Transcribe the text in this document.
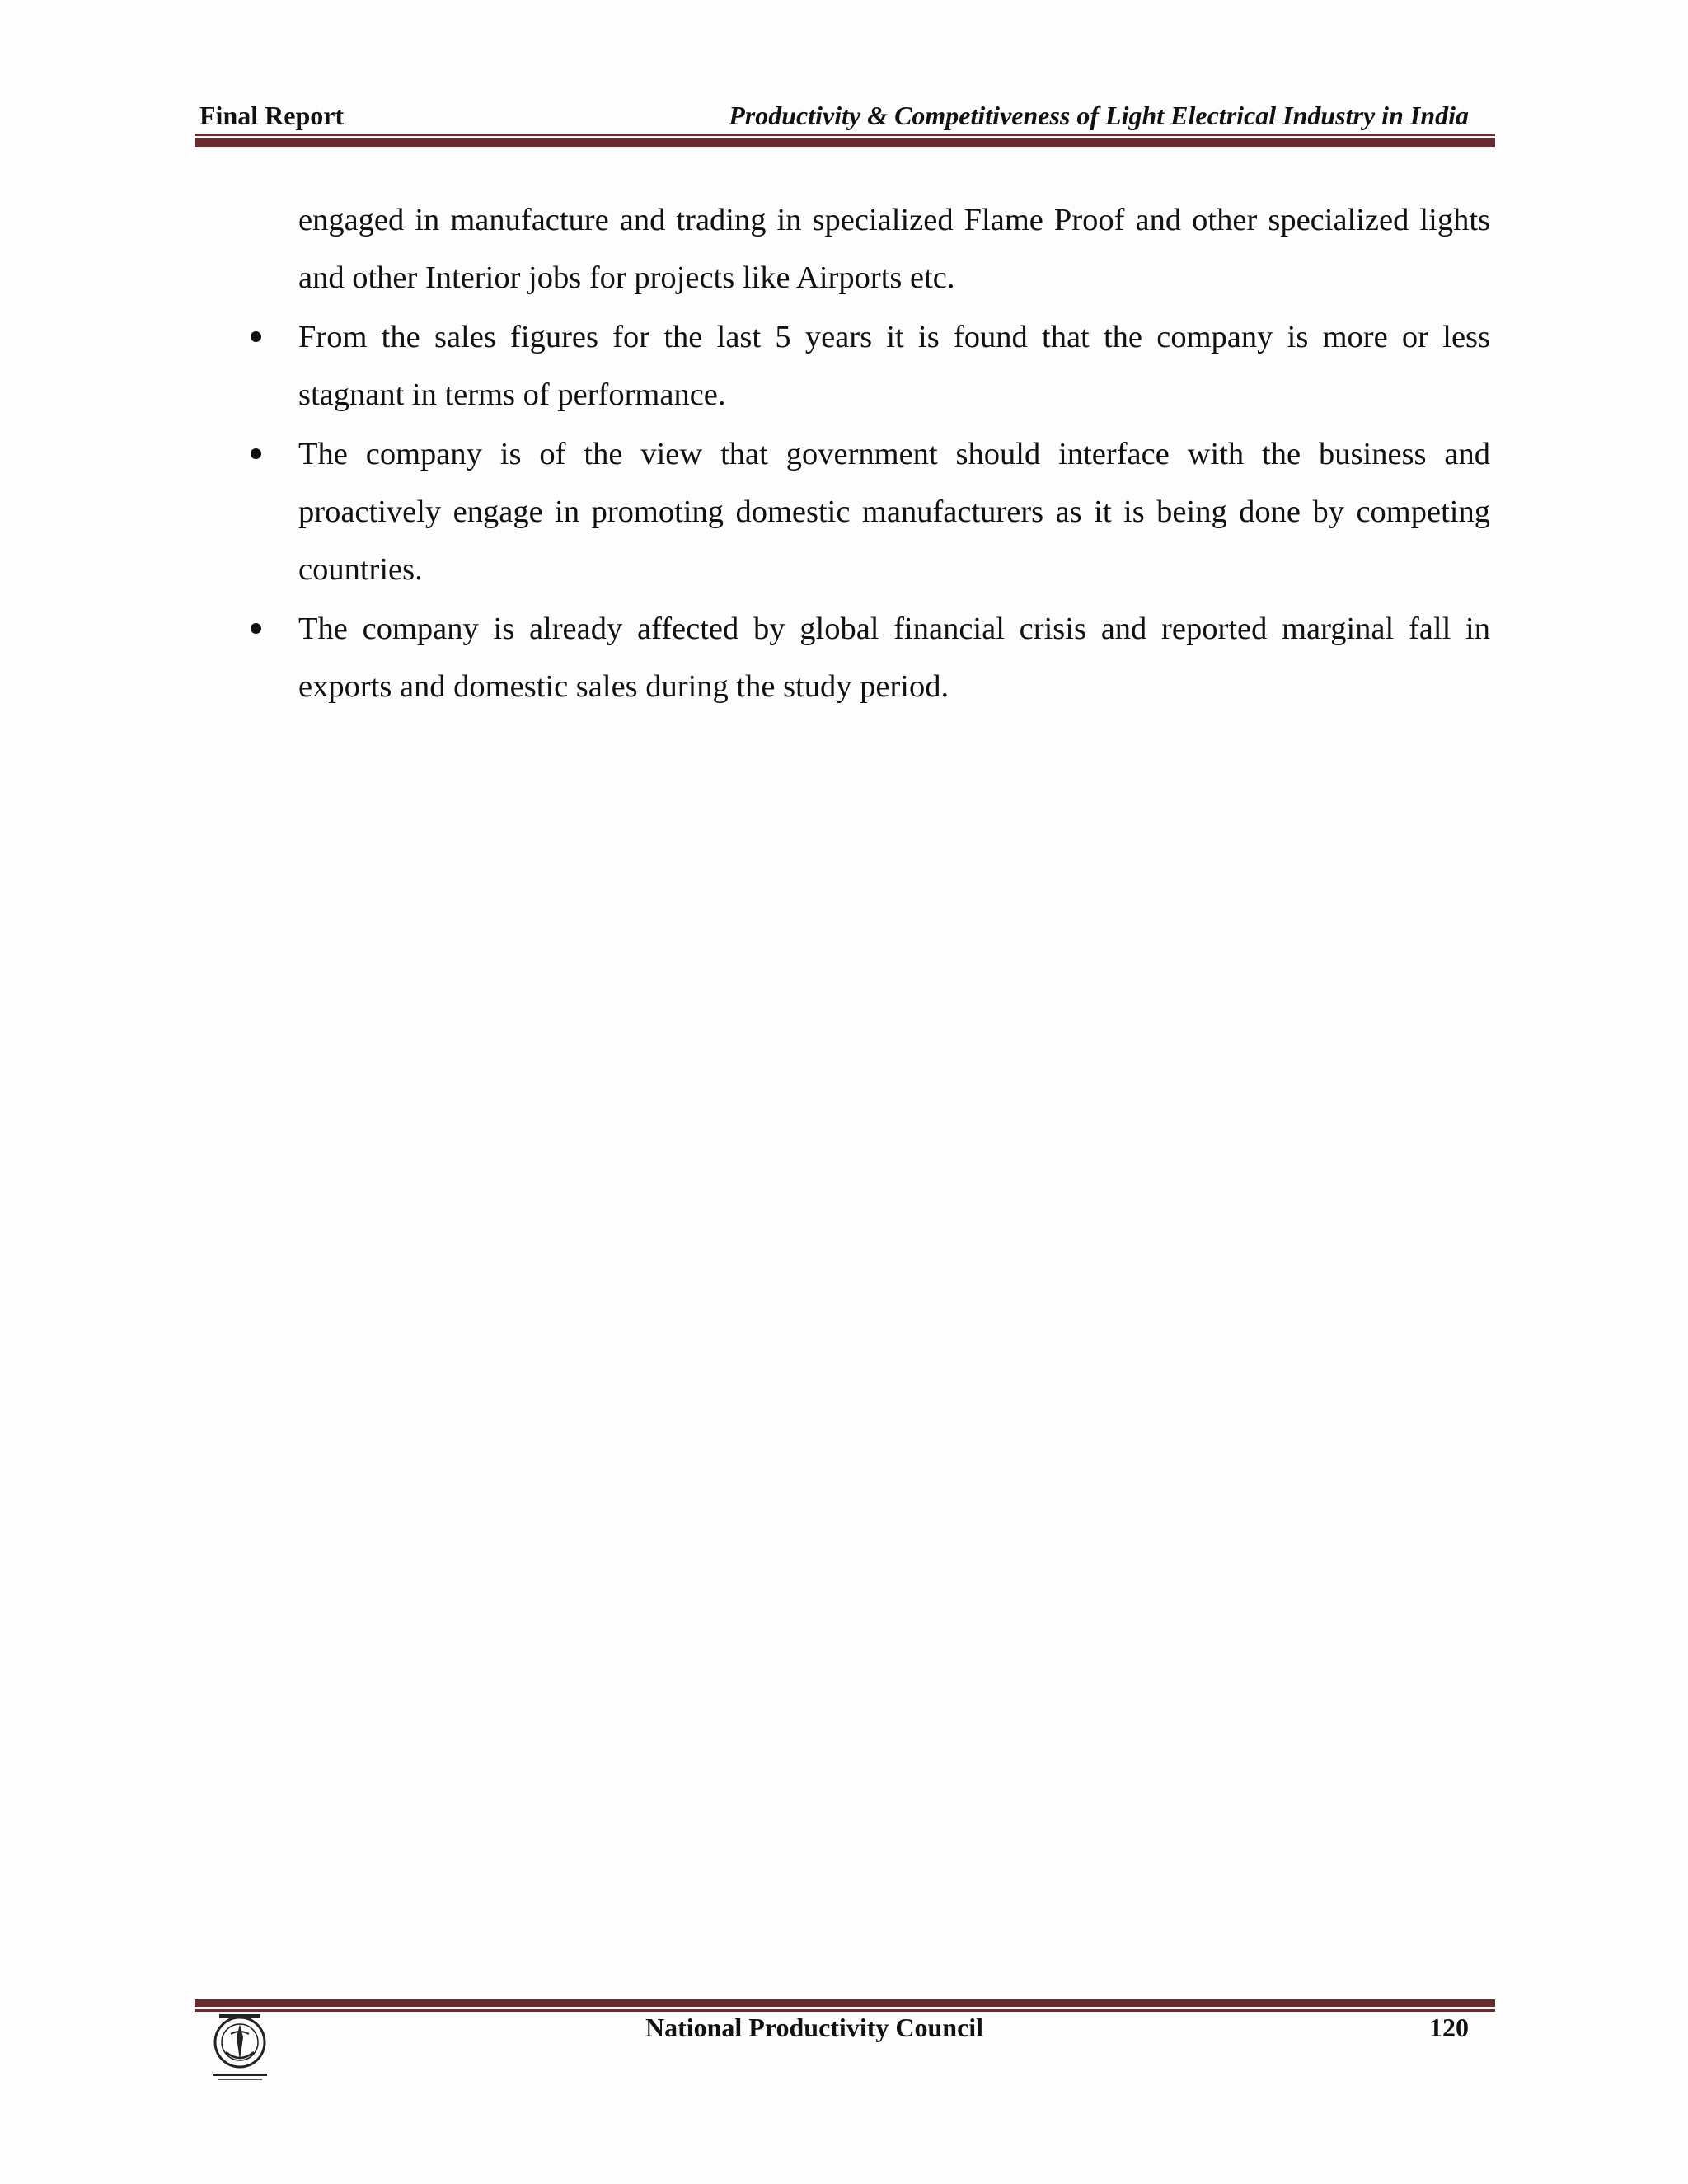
Final Report	Productivity & Competitiveness of Light Electrical Industry in India

engaged in manufacture and trading in specialized Flame Proof and other specialized lights and other Interior jobs for projects like Airports etc.

From the sales figures for the last 5 years it is found that the company is more or less stagnant in terms of performance.

The company is of the view that government should interface with the business and proactively engage in promoting domestic manufacturers as it is being done by competing countries.

The company is already affected by global financial crisis and reported marginal fall in exports and domestic sales during the study period.

National Productivity Council	120
